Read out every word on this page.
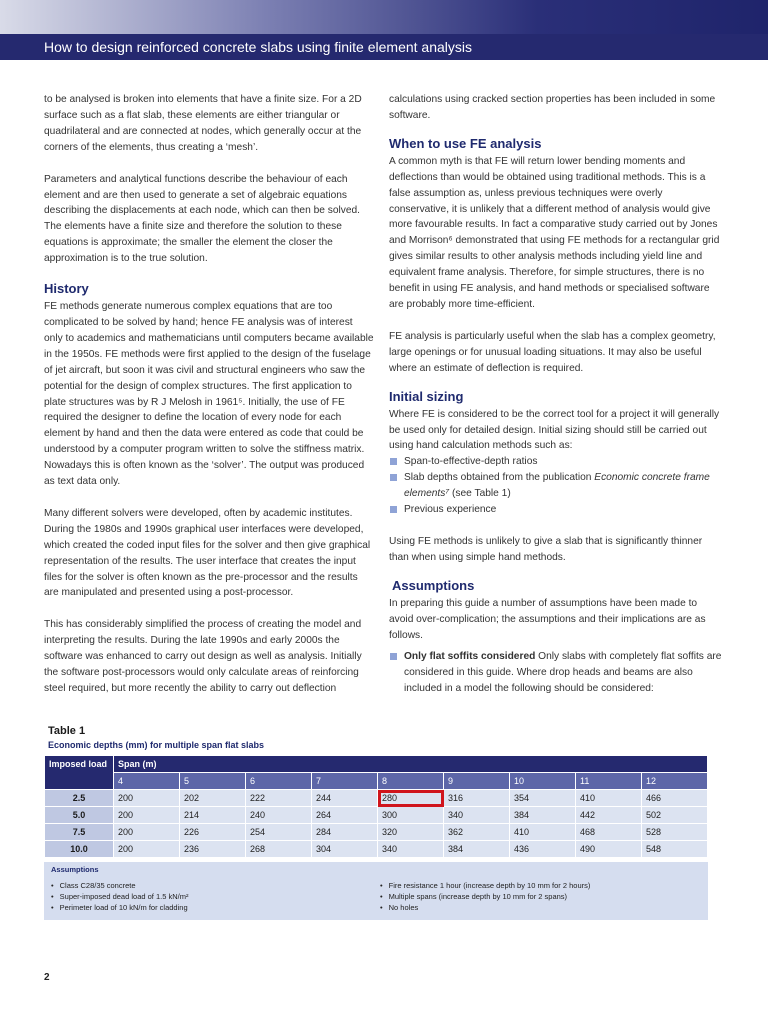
How to design reinforced concrete slabs using finite element analysis

to be analysed is broken into elements that have a finite size. For a 2D surface such as a flat slab, these elements are either triangular or quadrilateral and are connected at nodes, which generally occur at the corners of the elements, thus creating a ‘mesh’.

Parameters and analytical functions describe the behaviour of each element and are then used to generate a set of algebraic equations describing the displacements at each node, which can then be solved. The elements have a finite size and therefore the solution to these equations is approximate; the smaller the element the closer the approximation is to the true solution.

History

FE methods generate numerous complex equations that are too complicated to be solved by hand; hence FE analysis was of interest only to academics and mathematicians until computers became available in the 1950s. FE methods were first applied to the design of the fuselage of jet aircraft, but soon it was civil and structural engineers who saw the potential for the design of complex structures. The first application to plate structures was by R J Melosh in 1961⁵. Initially, the use of FE required the designer to define the location of every node for each element by hand and then the data were entered as code that could be understood by a computer program written to solve the stiffness matrix. Nowadays this is often known as the ‘solver’. The output was produced as text data only.

Many different solvers were developed, often by academic institutes. During the 1980s and 1990s graphical user interfaces were developed, which created the coded input files for the solver and then give graphical representation of the results. The user interface that creates the input files for the solver is often known as the pre-processor and the results are manipulated and presented using a post-processor.

This has considerably simplified the process of creating the model and interpreting the results. During the late 1990s and early 2000s the software was enhanced to carry out design as well as analysis. Initially the software post-processors would only calculate areas of reinforcing steel required, but more recently the ability to carry out deflection

calculations using cracked section properties has been included in some software.

When to use FE analysis

A common myth is that FE will return lower bending moments and deflections than would be obtained using traditional methods. This is a false assumption as, unless previous techniques were overly conservative, it is unlikely that a different method of analysis would give more favourable results. In fact a comparative study carried out by Jones and Morrison⁶ demonstrated that using FE methods for a rectangular grid gives similar results to other analysis methods including yield line and equivalent frame analysis. Therefore, for simple structures, there is no benefit in using FE analysis, and hand methods or specialised software are probably more time-efficient.

FE analysis is particularly useful when the slab has a complex geometry, large openings or for unusual loading situations. It may also be useful where an estimate of deflection is required.

Initial sizing

Where FE is considered to be the correct tool for a project it will generally be used only for detailed design. Initial sizing should still be carried out using hand calculation methods such as:

Span-to-effective-depth ratios
Slab depths obtained from the publication Economic concrete frame elements⁷ (see Table 1)
Previous experience

Using FE methods is unlikely to give a slab that is significantly thinner than when using simple hand methods.

Assumptions

In preparing this guide a number of assumptions have been made to avoid over-complication; the assumptions and their implications are as follows.

Only flat soffits considered Only slabs with completely flat soffits are considered in this guide. Where drop heads and beams are also included in a model the following should be considered:
Table 1
Economic depths (mm) for multiple span flat slabs
Imposed load	Span (m)								
	4	5	6	7	8	9	10	11	12
2.5	200	202	222	244	280	316	354	410	466
5.0	200	214	240	264	300	340	384	442	502
7.5	200	226	254	284	320	362	410	468	528
10.0	200	236	268	304	340	384	436	490	548
Assumptions
• Class C28/35 concrete
• Super-imposed dead load of 1.5 kN/m²
• Perimeter load of 10 kN/m for cladding
• Fire resistance 1 hour (increase depth by 10 mm for 2 hours)
• Multiple spans (increase depth by 10 mm for 2 spans)
• No holes
2
